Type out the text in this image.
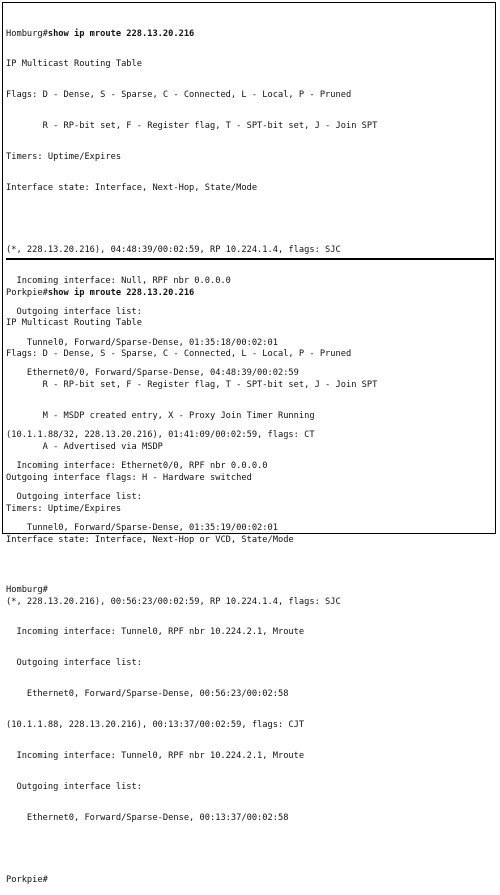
Homburg#show ip mroute 228.13.20.216

IP Multicast Routing Table

Flags: D - Dense, S - Sparse, C - Connected, L - Local, P - Pruned

R - RP-bit set, F - Register flag, T - SPT-bit set, J - Join SPT

Timers: Uptime/Expires

Interface state: Interface, Next-Hop, State/Mode

(*, 228.13.20.216), 04:48:39/00:02:59, RP 10.224.1.4, flags: SJC

Incoming interface: Null, RPF nbr 0.0.0.0

Outgoing interface list:

Tunnel0, Forward/Sparse-Dense, 01:35:18/00:02:01

Ethernet0/0, Forward/Sparse-Dense, 04:48:39/00:02:59

(10.1.1.88/32, 228.13.20.216), 01:41:09/00:02:59, flags: CT

Incoming interface: Ethernet0/0, RPF nbr 0.0.0.0

Outgoing interface list:

Tunnel0, Forward/Sparse-Dense, 01:35:19/00:02:01

Homburg#

Porkpie#show ip mroute 228.13.20.216

IP Multicast Routing Table

Flags: D - Dense, S - Sparse, C - Connected, L - Local, P - Pruned

R - RP-bit set, F - Register flag, T - SPT-bit set, J - Join SPT

M - MSDP created entry, X - Proxy Join Timer Running

A - Advertised via MSDP

Outgoing interface flags: H - Hardware switched

Timers: Uptime/Expires

Interface state: Interface, Next-Hop or VCD, State/Mode

(*, 228.13.20.216), 00:56:23/00:02:59, RP 10.224.1.4, flags: SJC

Incoming interface: Tunnel0, RPF nbr 10.224.2.1, Mroute

Outgoing interface list:

Ethernet0, Forward/Sparse-Dense, 00:56:23/00:02:58

(10.1.1.88, 228.13.20.216), 00:13:37/00:02:59, flags: CJT

Incoming interface: Tunnel0, RPF nbr 10.224.2.1, Mroute

Outgoing interface list:

Ethernet0, Forward/Sparse-Dense, 00:13:37/00:02:58

Porkpie#
